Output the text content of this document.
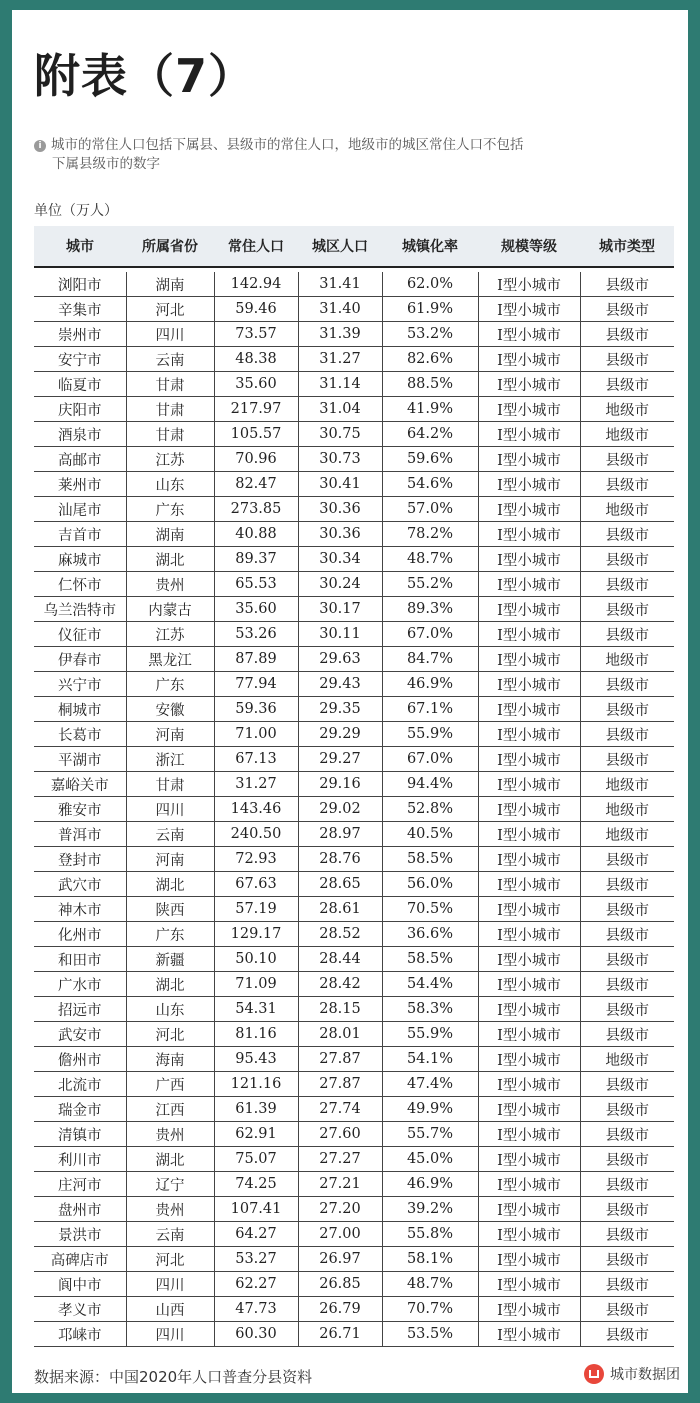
附表（7）
i 城市的常住人口包括下属县、县级市的常住人口，地级市的城区常住人口不包括
下属县级市的数字
单位（万人）
城市	所属省份	常住人口	城区人口	城镇化率	规模等级	城市类型

浏阳市	湖南	142.94	31.41	62.0%	Ⅰ型小城市	县级市
辛集市	河北	59.46	31.40	61.9%	Ⅰ型小城市	县级市
崇州市	四川	73.57	31.39	53.2%	Ⅰ型小城市	县级市
安宁市	云南	48.38	31.27	82.6%	Ⅰ型小城市	县级市
临夏市	甘肃	35.60	31.14	88.5%	Ⅰ型小城市	县级市
庆阳市	甘肃	217.97	31.04	41.9%	Ⅰ型小城市	地级市
酒泉市	甘肃	105.57	30.75	64.2%	Ⅰ型小城市	地级市
高邮市	江苏	70.96	30.73	59.6%	Ⅰ型小城市	县级市
莱州市	山东	82.47	30.41	54.6%	Ⅰ型小城市	县级市
汕尾市	广东	273.85	30.36	57.0%	Ⅰ型小城市	地级市
吉首市	湖南	40.88	30.36	78.2%	Ⅰ型小城市	县级市
麻城市	湖北	89.37	30.34	48.7%	Ⅰ型小城市	县级市
仁怀市	贵州	65.53	30.24	55.2%	Ⅰ型小城市	县级市
乌兰浩特市	内蒙古	35.60	30.17	89.3%	Ⅰ型小城市	县级市
仪征市	江苏	53.26	30.11	67.0%	Ⅰ型小城市	县级市
伊春市	黑龙江	87.89	29.63	84.7%	Ⅰ型小城市	地级市
兴宁市	广东	77.94	29.43	46.9%	Ⅰ型小城市	县级市
桐城市	安徽	59.36	29.35	67.1%	Ⅰ型小城市	县级市
长葛市	河南	71.00	29.29	55.9%	Ⅰ型小城市	县级市
平湖市	浙江	67.13	29.27	67.0%	Ⅰ型小城市	县级市
嘉峪关市	甘肃	31.27	29.16	94.4%	Ⅰ型小城市	地级市
雅安市	四川	143.46	29.02	52.8%	Ⅰ型小城市	地级市
普洱市	云南	240.50	28.97	40.5%	Ⅰ型小城市	地级市
登封市	河南	72.93	28.76	58.5%	Ⅰ型小城市	县级市
武穴市	湖北	67.63	28.65	56.0%	Ⅰ型小城市	县级市
神木市	陕西	57.19	28.61	70.5%	Ⅰ型小城市	县级市
化州市	广东	129.17	28.52	36.6%	Ⅰ型小城市	县级市
和田市	新疆	50.10	28.44	58.5%	Ⅰ型小城市	县级市
广水市	湖北	71.09	28.42	54.4%	Ⅰ型小城市	县级市
招远市	山东	54.31	28.15	58.3%	Ⅰ型小城市	县级市
武安市	河北	81.16	28.01	55.9%	Ⅰ型小城市	县级市
儋州市	海南	95.43	27.87	54.1%	Ⅰ型小城市	地级市
北流市	广西	121.16	27.87	47.4%	Ⅰ型小城市	县级市
瑞金市	江西	61.39	27.74	49.9%	Ⅰ型小城市	县级市
清镇市	贵州	62.91	27.60	55.7%	Ⅰ型小城市	县级市
利川市	湖北	75.07	27.27	45.0%	Ⅰ型小城市	县级市
庄河市	辽宁	74.25	27.21	46.9%	Ⅰ型小城市	县级市
盘州市	贵州	107.41	27.20	39.2%	Ⅰ型小城市	县级市
景洪市	云南	64.27	27.00	55.8%	Ⅰ型小城市	县级市
高碑店市	河北	53.27	26.97	58.1%	Ⅰ型小城市	县级市
阆中市	四川	62.27	26.85	48.7%	Ⅰ型小城市	县级市
孝义市	山西	47.73	26.79	70.7%	Ⅰ型小城市	县级市
邛崃市	四川	60.30	26.71	53.5%	Ⅰ型小城市	县级市
数据来源：中国2020年人口普查分县资料	城市数据团
